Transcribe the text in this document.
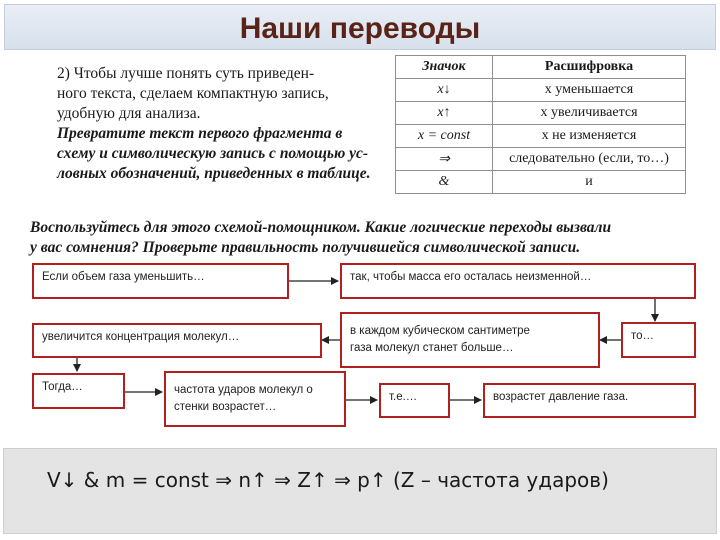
Наши переводы
2) Чтобы лучше понять суть приведен-
ного текста, сделаем компактную запись,
удобную для анализа.
Превратите текст первого фрагмента в
схему и символическую запись с помощью ус-
ловных обозначений, приведенных в таблице.
Значок	Расшифровка
x↓	x уменьшается
x↑	x увеличивается
x = const	x не изменяется
⇒	следовательно (если, то…)
&	и
Воспользуйтесь для этого схемой-помощником. Какие логические переходы вызвали
у вас сомнения? Проверьте правильность получившейся символической записи.
Если объем газа уменьшить…	так, чтобы масса его осталась неизменной…
то…
в каждом кубическом сантиметре
газа молекул станет больше…
увеличится концентрация молекул…
Тогда…	частота ударов молекул о
стенки возрастет…
т.е.…	возрастет давление газа.
V↓ & m = const ⇒ n↑ ⇒ Z↑ ⇒ p↑ (Z – частота ударов)
